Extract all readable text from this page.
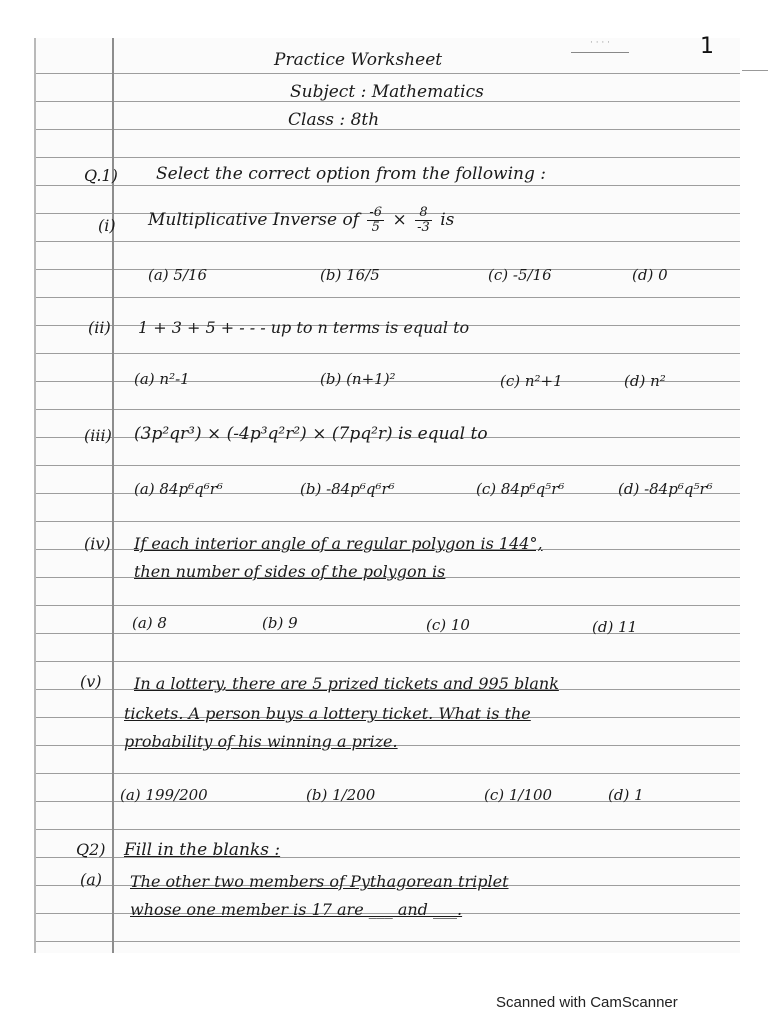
· · · ·	1
Practice Worksheet
Subject : Mathematics
Class : 8th
Q.1) Select the correct option from the following :
(i) Multiplicative Inverse of $\frac{-6}{5} \times \frac{8}{-3}$ is
(a) 5/16	(b) 16/5	(c) -5/16	(d) 0
(ii) 1 + 3 + 5 + - - - up to n terms is equal to
(a) n²-1	(b) (n+1)²	(c) n²+1	(d) n²
(iii) (3p²qr³) × (-4p³q²r²) × (7pq²r) is equal to
(a) 84p⁶q⁶r⁶	(b) -84p⁶q⁶r⁶	(c) 84p⁶q⁵r⁶	(d) -84p⁶q⁵r⁶
(iv) If each interior angle of a regular polygon is 144°,
then number of sides of the polygon is
(a) 8	(b) 9	(c) 10	(d) 11
(v) In a lottery, there are 5 prized tickets and 995 blank
tickets. A person buys a lottery ticket. What is the
probability of his winning a prize.
(a) 199/200	(b) 1/200	(c) 1/100	(d) 1
Q2) Fill in the blanks :
(a) The other two members of Pythagorean triplet
whose one member is 17 are ___ and ___.
Scanned with CamScanner
